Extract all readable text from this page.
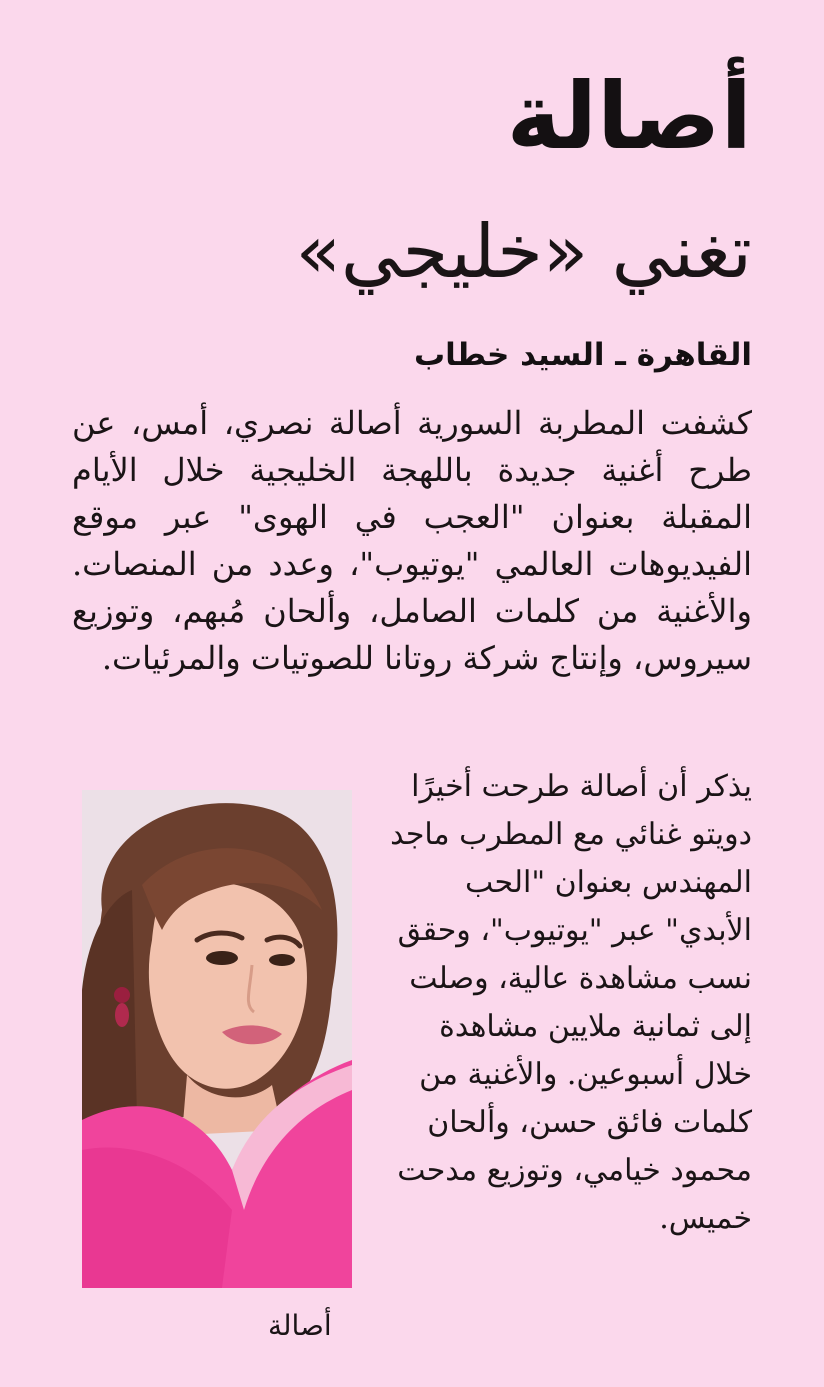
أصالة
تغني «خليجي»
القاهرة ـ السيد خطاب

كشفت المطربة السورية أصالة نصري، أمس، عن طرح أغنية جديدة باللهجة الخليجية خلال الأيام المقبلة بعنوان "العجب في الهوى" عبر موقع الفيديوهات العالمي "يوتيوب"، وعدد من المنصات. والأغنية من كلمات الصامل، وألحان مُبهم، وتوزيع سيروس، وإنتاج شركة روتانا للصوتيات والمرئيات.

أصالة

يذكر أن أصالة طرحت أخيرًا دويتو غنائي مع المطرب ماجد المهندس بعنوان "الحب الأبدي" عبر "يوتيوب"، وحقق نسب مشاهدة عالية، وصلت إلى ثمانية ملايين مشاهدة خلال أسبوعين. والأغنية من كلمات فائق حسن، وألحان محمود خيامي، وتوزيع مدحت خميس.
